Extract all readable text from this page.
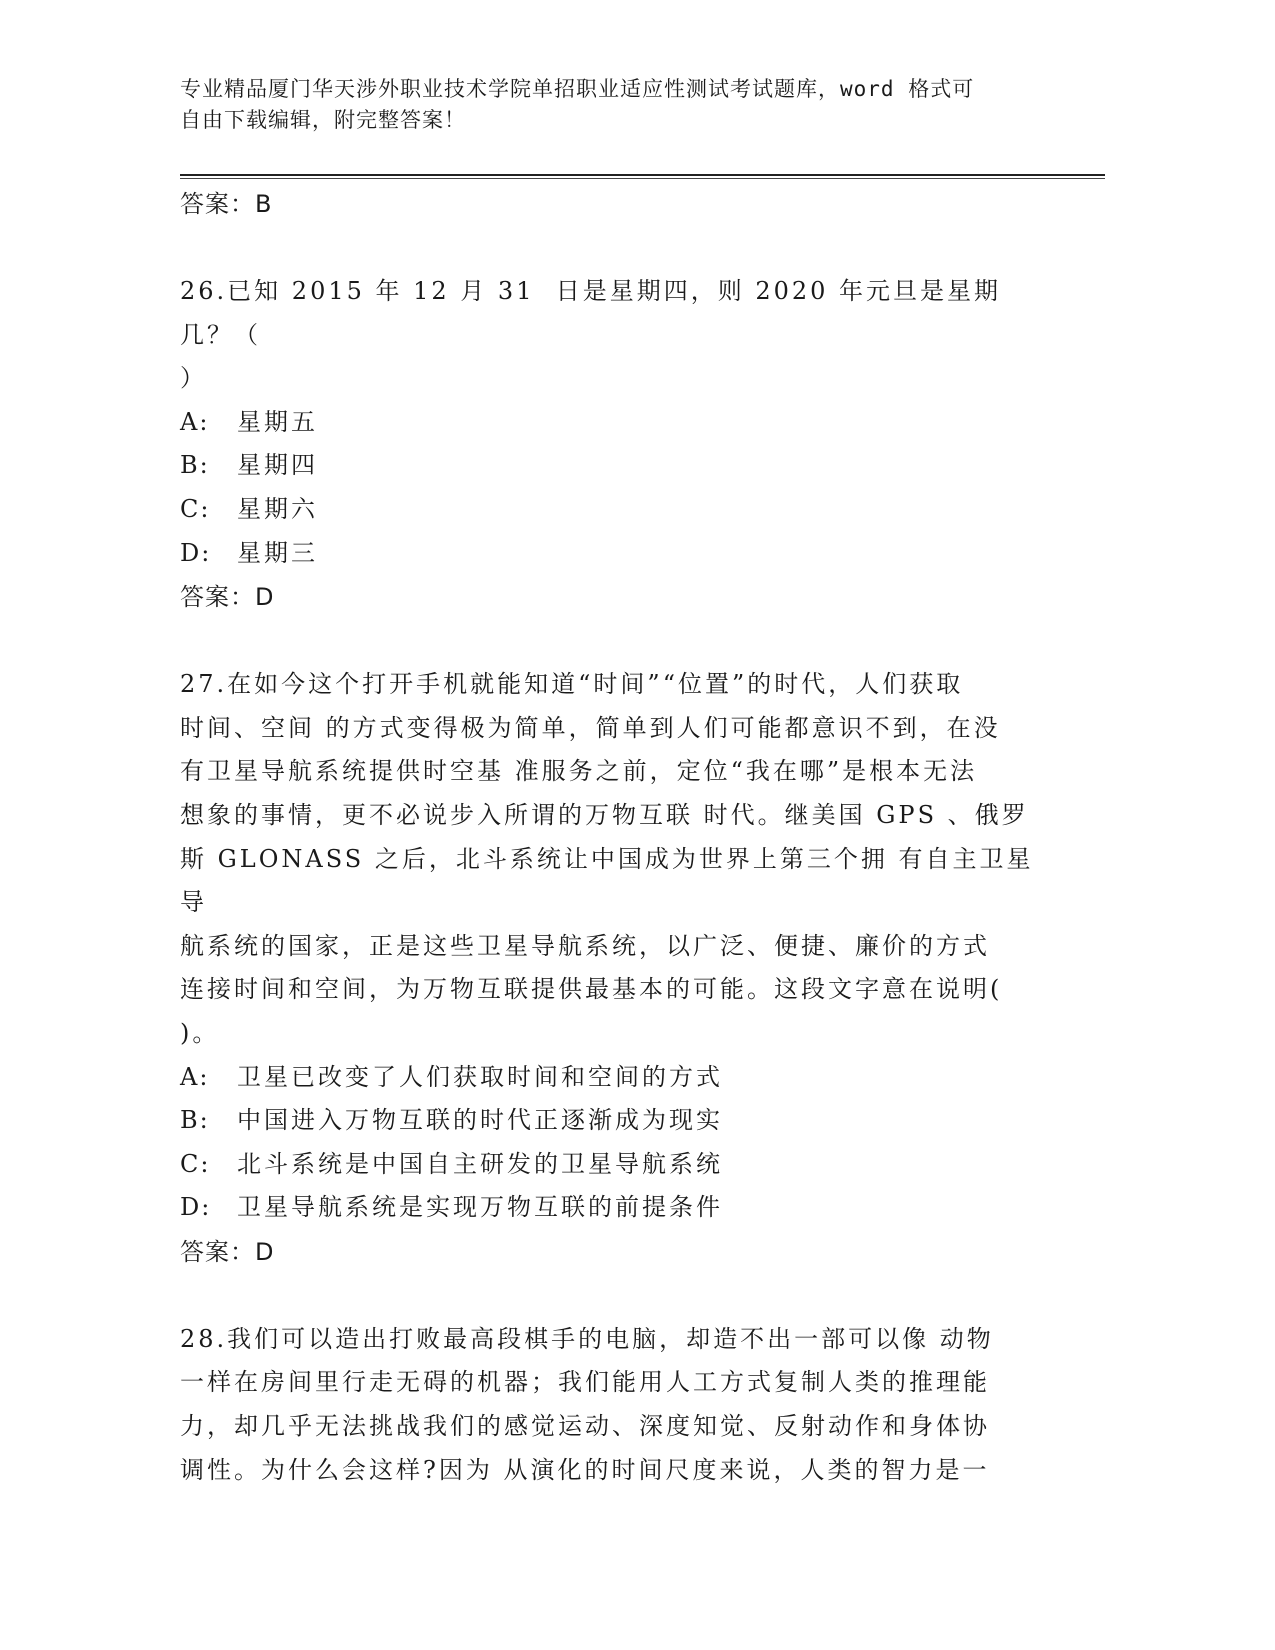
专业精品厦门华天涉外职业技术学院单招职业适应性测试考试题库，word 格式可
自由下载编辑，附完整答案！
答案：B
26.已知 2015 年 12 月 31  日是星期四，则 2020 年元旦是星期几？（
）
A:	星期五
B:	星期四
C:	星期六
D:	星期三
答案：D
27.在如今这个打开手机就能知道“时间”“位置”的时代，人们获取
时间、空间 的方式变得极为简单，简单到人们可能都意识不到，在没
有卫星导航系统提供时空基 准服务之前，定位“我在哪”是根本无法
想象的事情，更不必说步入所谓的万物互联 时代。继美国 GPS 、俄罗
斯 GLONASS 之后，北斗系统让中国成为世界上第三个拥 有自主卫星导
航系统的国家，正是这些卫星导航系统，以广泛、便捷、廉价的方式
连接时间和空间，为万物互联提供最基本的可能。这段文字意在说明(
)。
A:	卫星已改变了人们获取时间和空间的方式
B:	中国进入万物互联的时代正逐渐成为现实
C:	北斗系统是中国自主研发的卫星导航系统
D:	卫星导航系统是实现万物互联的前提条件
答案：D
28.我们可以造出打败最高段棋手的电脑，却造不出一部可以像 动物
一样在房间里行走无碍的机器；我们能用人工方式复制人类的推理能
力，却几乎无法挑战我们的感觉运动、深度知觉、反射动作和身体协
调性。为什么会这样?因为 从演化的时间尺度来说，人类的智力是一
